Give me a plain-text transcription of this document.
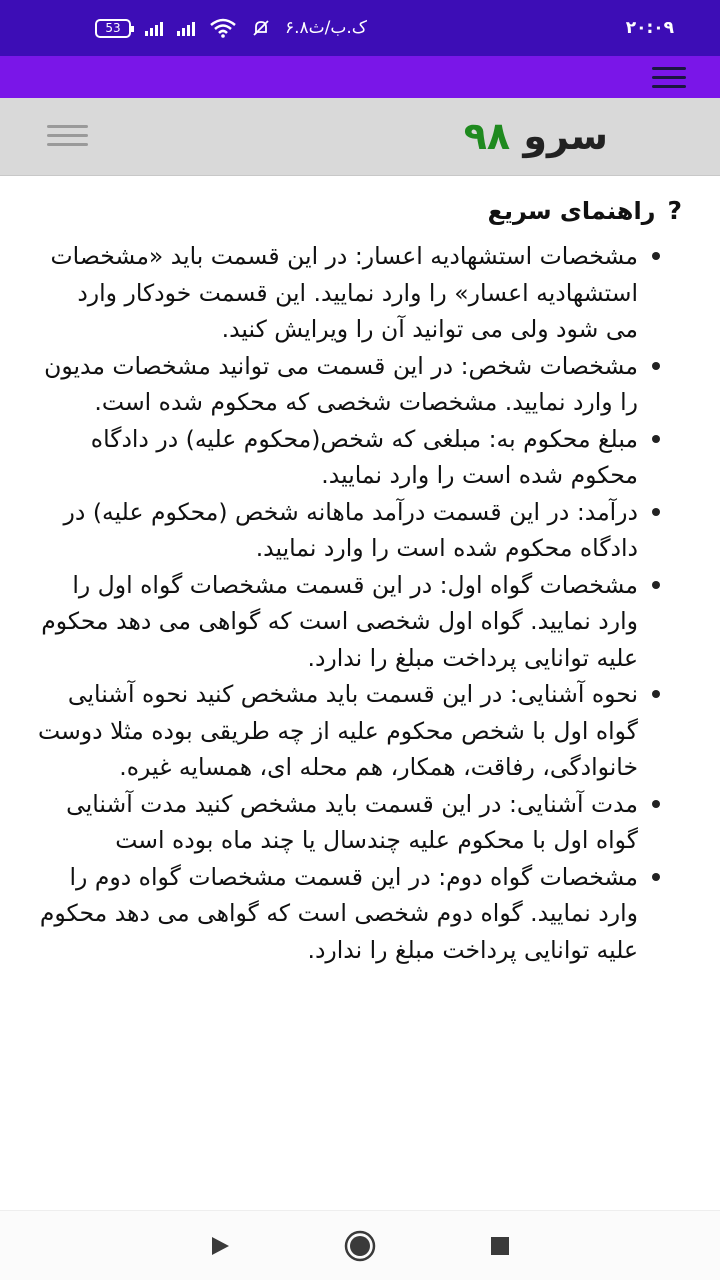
53	۶.۸ک.ب/ث	۲۰:۰۹
سرو ۹۸
?
راهنمای سریع
مشخصات استشهادیه اعسار: در این قسمت باید «مشخصات استشهادیه اعسار» را وارد نمایید. این قسمت خودکار وارد می شود ولی می توانید آن را ویرایش کنید.
مشخصات شخص: در این قسمت می توانید مشخصات مدیون را وارد نمایید. مشخصات شخصی که محکوم شده است.
مبلغ محکوم به: مبلغی که شخص(محکوم علیه) در دادگاه محکوم شده است را وارد نمایید.
درآمد: در این قسمت درآمد ماهانه شخص (محکوم علیه) در دادگاه محکوم شده است را وارد نمایید.
مشخصات گواه اول: در این قسمت مشخصات گواه اول را وارد نمایید. گواه اول شخصی است که گواهی می دهد محکوم علیه توانایی پرداخت مبلغ را ندارد.
نحوه آشنایی: در این قسمت باید مشخص کنید نحوه آشنایی گواه اول با شخص محکوم علیه از چه طریقی بوده مثلا دوست خانوادگی، رفاقت، همکار، هم محله ای، همسایه غیره.
مدت آشنایی: در این قسمت باید مشخص کنید مدت آشنایی گواه اول با محکوم علیه چندسال یا چند ماه بوده است
مشخصات گواه دوم: در این قسمت مشخصات گواه دوم را وارد نمایید. گواه دوم شخصی است که گواهی می دهد محکوم علیه توانایی پرداخت مبلغ را ندارد.
